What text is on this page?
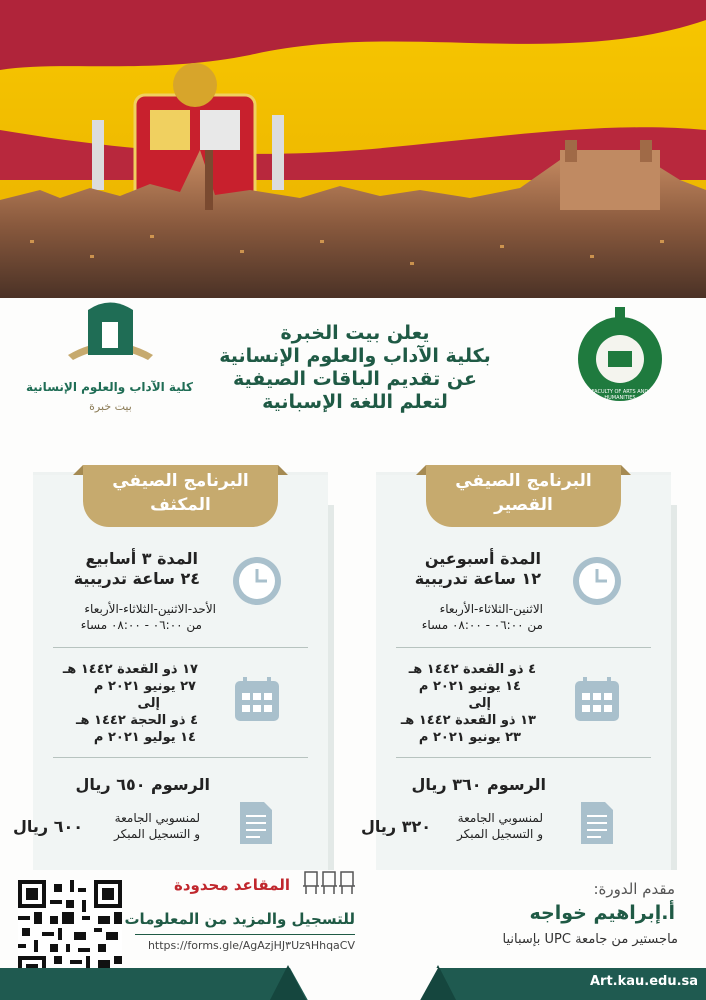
كلية الآداب والعلوم الإنسانية
بيت خبرة
FACULTY OF ARTS AND HUMANITIES
يعلن بيت الخبرة
بكلية الآداب والعلوم الإنسانية
عن تقديم الباقات الصيفية
لتعلم اللغة الإسبانية
البرنامج الصيفي
المكثف
المدة ٣ أسابيع
٢٤ ساعة تدريبية
الأحد-الاثنين-الثلاثاء-الأربعاء
من ٠٦:٠٠ - ٠٨:٠٠ مساء
١٧ ذو القعدة ١٤٤٢ هـ
٢٧ يونيو ٢٠٢١ م
إلى
٤ ذو الحجة ١٤٤٢ هـ
١٤ يوليو ٢٠٢١ م
الرسوم ٦٥٠ ريال
٦٠٠ ريال	لمنسوبي الجامعة
و التسجيل المبكر
البرنامج الصيفي
القصير
المدة أسبوعين
١٢ ساعة تدريبية
الاثنين-الثلاثاء-الأربعاء
من ٠٦:٠٠ - ٠٨:٠٠ مساء
٤ ذو القعدة ١٤٤٢ هـ
١٤ يونيو ٢٠٢١ م
إلى
١٣ ذو القعدة ١٤٤٢ هـ
٢٣ يونيو ٢٠٢١ م
الرسوم ٣٦٠ ريال
٣٢٠ ريال لمنسوبي الجامعة
و التسجيل المبكر
المقاعد محدودة
للتسجيل والمزيد من المعلومات
https://forms.gle/AgAzjHJ٣Uz٩HhqaCV
مقدم الدورة:
أ.إبراهيم خواجه
ماجستير من جامعة UPC بإسبانيا
Art.kau.edu.sa
